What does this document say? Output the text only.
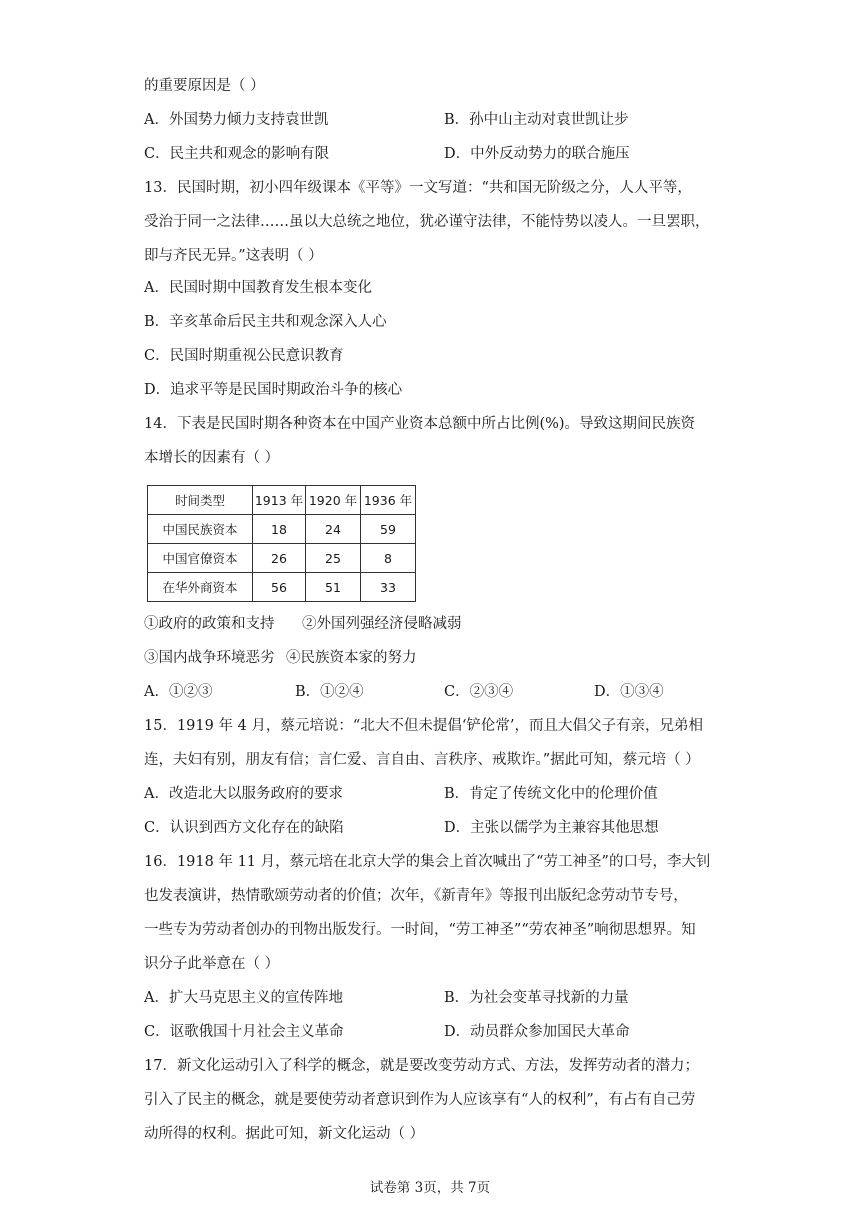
的重要原因是（ ）
A．外国势力倾力支持袁世凯	B．孙中山主动对袁世凯让步
C．民主共和观念的影响有限	D．中外反动势力的联合施压
13．民国时期，初小四年级课本《平等》一文写道：“共和国无阶级之分，人人平等，
受治于同一之法律……虽以大总统之地位，犹必谨守法律，不能恃势以凌人。一旦罢职，
即与齐民无异。”这表明（ ）
A．民国时期中国教育发生根本变化
B．辛亥革命后民主共和观念深入人心
C．民国时期重视公民意识教育
D．追求平等是民国时期政治斗争的核心
14．下表是民国时期各种资本在中国产业资本总额中所占比例(%)。导致这期间民族资
本增长的因素有（ ）
时间类型	1913 年	1920 年	1936 年
中国民族资本	18	24	59
中国官僚资本	26	25	8
在华外商资本	56	51	33
①政府的政策和支持 ②外国列强经济侵略减弱
③国内战争环境恶劣 ④民族资本家的努力
A．①②③	B．①②④	C．②③④	D．①③④
15．1919 年 4 月，蔡元培说：“北大不但未提倡‘铲伦常’，而且大倡父子有亲，兄弟相
连，夫妇有别，朋友有信；言仁爱、言自由、言秩序、戒欺诈。”据此可知，蔡元培（ ）
A．改造北大以服务政府的要求	B．肯定了传统文化中的伦理价值
C．认识到西方文化存在的缺陷	D．主张以儒学为主兼容其他思想
16．1918 年 11 月，蔡元培在北京大学的集会上首次喊出了“劳工神圣”的口号，李大钊
也发表演讲，热情歌颂劳动者的价值；次年，《新青年》等报刊出版纪念劳动节专号，
一些专为劳动者创办的刊物出版发行。一时间，“劳工神圣”“劳农神圣”响彻思想界。知
识分子此举意在（ ）
A．扩大马克思主义的宣传阵地	B．为社会变革寻找新的力量
C．讴歌俄国十月社会主义革命	D．动员群众参加国民大革命
17．新文化运动引入了科学的概念，就是要改变劳动方式、方法，发挥劳动者的潜力；
引入了民主的概念，就是要使劳动者意识到作为人应该享有“人的权利”，有占有自己劳
动所得的权利。据此可知，新文化运动（ ）
试卷第 3页，共 7页
